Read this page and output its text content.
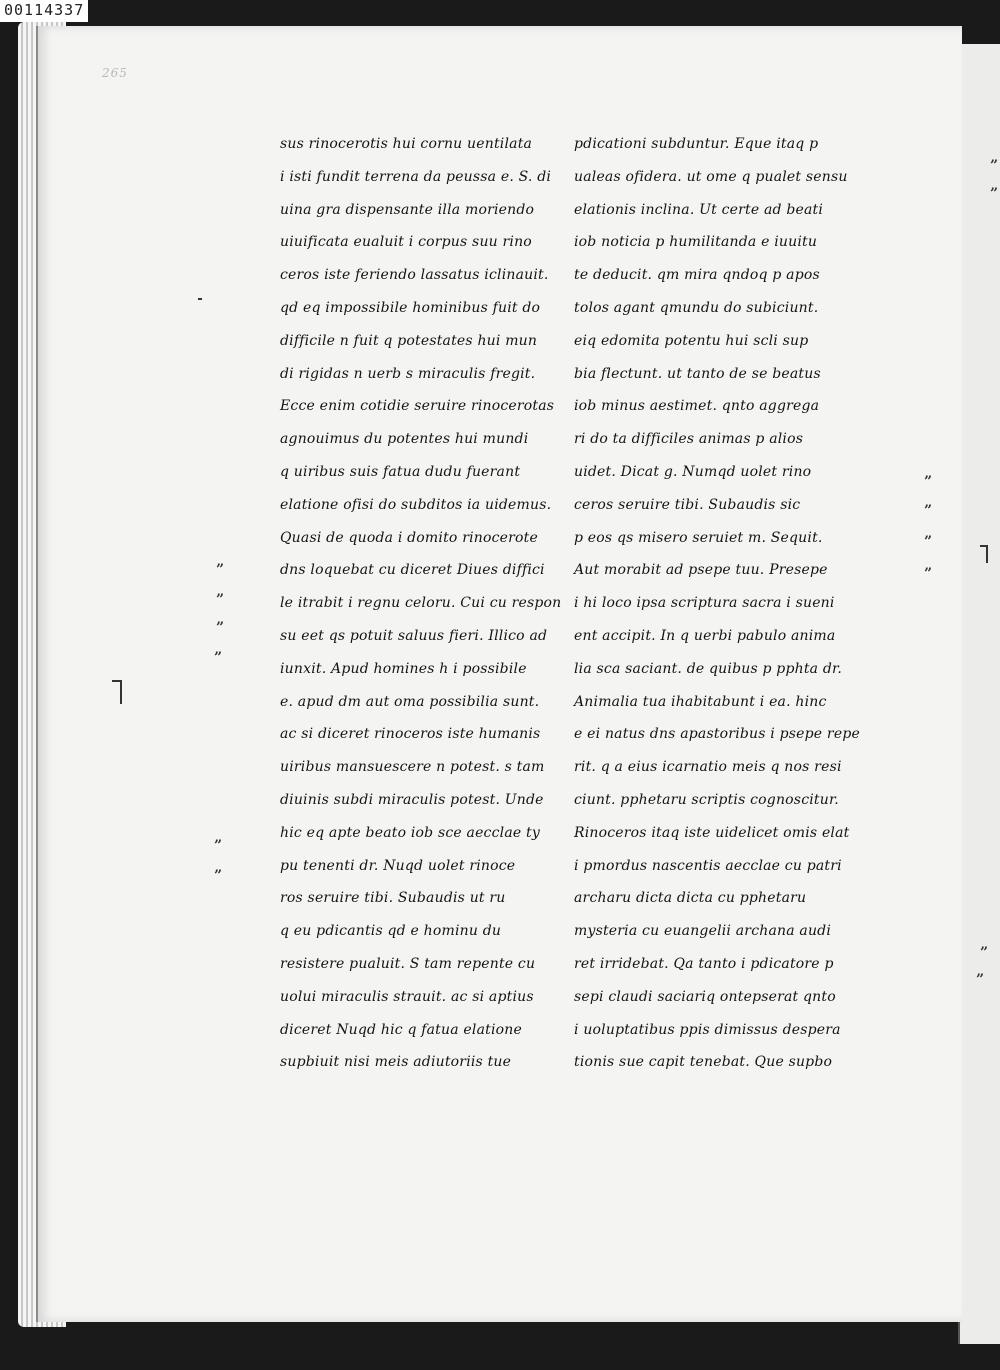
00114337
265
sus rinocerotis hui cornu uentilata
i isti fundit terrena da peussa e. S. di
uina gra dispensante illa moriendo
uiuificata eualuit i corpus suu rino
ceros iste feriendo lassatus iclinauit.
qd eq impossibile hominibus fuit do
difficile n fuit q potestates hui mun
di rigidas n uerb s miraculis fregit.
Ecce enim cotidie seruire rinocerotas
agnouimus du potentes hui mundi
q uiribus suis fatua dudu fuerant
elatione ofisi do subditos ia uidemus.
Quasi de quoda i domito rinocerote
dns loquebat cu diceret Diues diffici
le itrabit i regnu celoru. Cui cu respon
su eet qs potuit saluus fieri. Illico ad
iunxit. Apud homines h i possibile
e. apud dm aut oma possibilia sunt.
ac si diceret rinoceros iste humanis
uiribus mansuescere n potest. s tam
diuinis subdi miraculis potest. Unde
hic eq apte beato iob sce aecclae ty
pu tenenti dr. Nuqd uolet rinoce
ros seruire tibi. Subaudis ut ru
q eu pdicantis qd e hominu du
resistere pualuit. S tam repente cu
uolui miraculis strauit. ac si aptius
diceret Nuqd hic q fatua elatione
supbiuit nisi meis adiutoriis tue
pdicationi subduntur. Eque itaq p
ualeas ofidera. ut ome q pualet sensu
elationis inclina. Ut certe ad beati
iob noticia p humilitanda e iuuitu
te deducit. qm mira qndoq p apos
tolos agant qmundu do subiciunt.
eiq edomita potentu hui scli sup
bia flectunt. ut tanto de se beatus
iob minus aestimet. qnto aggrega
ri do ta difficiles animas p alios
uidet. Dicat g. Numqd uolet rino
ceros seruire tibi. Subaudis sic
p eos qs misero seruiet m. Sequit.
Aut morabit ad psepe tuu. Presepe
i hi loco ipsa scriptura sacra i sueni
ent accipit. In q uerbi pabulo anima
lia sca saciant. de quibus p pphta dr.
Animalia tua ihabitabunt i ea. hinc
e ei natus dns apastoribus i psepe repe
rit. q a eius icarnatio meis q nos resi
ciunt. pphetaru scriptis cognoscitur.
Rinoceros itaq iste uidelicet omis elat
i pmordus nascentis aecclae cu patri
archaru dicta dicta cu pphetaru
mysteria cu euangelii archana audi
ret irridebat. Qa tanto i pdicatore p
sepi claudi saciariq ontepserat qnto
i uoluptatibus ppis dimissus despera
tionis sue capit tenebat. Que supbo
”
”
”
”
”
”
”
”
”
”
”
”
”
”
